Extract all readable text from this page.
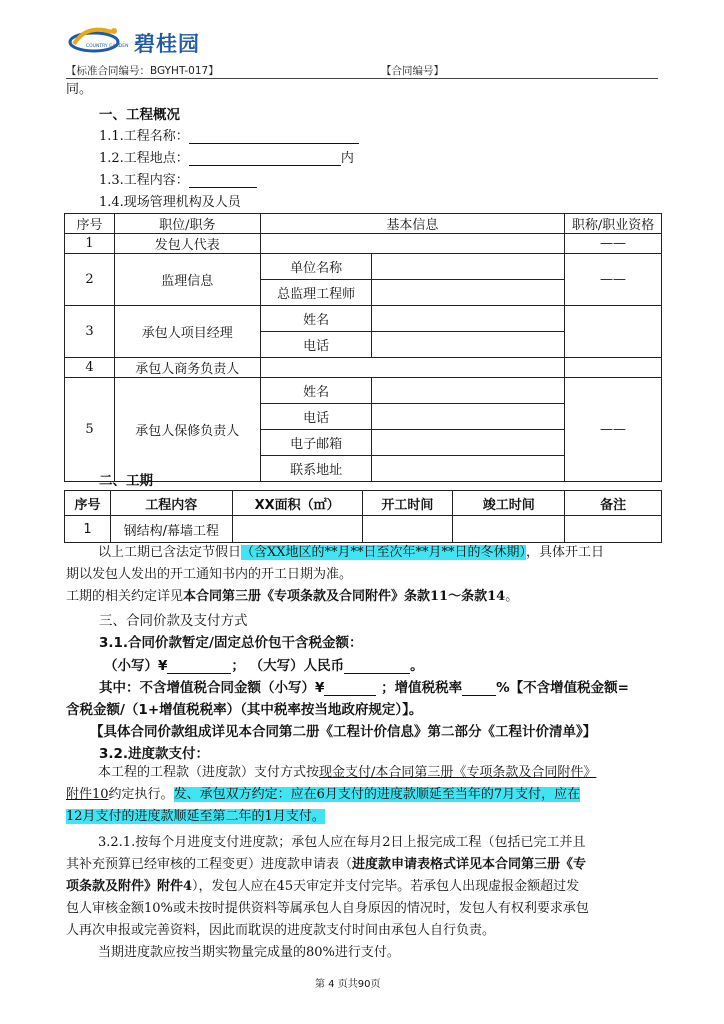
COUNTRY GARDEN 碧桂园
【标准合同编号：BGYHT-017】	【合同编号】
同。
一、工程概况
1.1.工程名称：
1.2.工程地点：	内
1.3.工程内容：
1.4.现场管理机构及人员
序号	职位/职务	基本信息		职称/职业资格
1	发包人代表			——
2	监理信息	单位名称		——
		总监理工程师		
3	承包人项目经理	姓名		
		电话		
4	承包人商务负责人			
5	承包人保修负责人	姓名		——
		电话		
		电子邮箱		
		联系地址		
二、工期
序号	工程内容	XX面积（㎡）	开工时间	竣工时间	备注
1	钢结构/幕墙工程				

以上工期已含法定节假日（含XX地区的**月**日至次年**月**日的冬休期），具体开工日

期以发包人发出的开工通知书内的开工日期为准。

工期的相关约定详见本合同第三册《专项条款及合同附件》条款11～条款14。

三、合同价款及支付方式
3.1.合同价款暂定/固定总价包干含税金额：
（小写）¥	； （大写）人民币	。
其中：不含增值税合同金额（小写）¥	；增值税税率	%【不含增值税金额=
含税金额/（1+增值税税率）（其中税率按当地政府规定）】。
【具体合同价款组成详见本合同第二册《工程计价信息》第二部分《工程计价清单》】
3.2.进度款支付：

本工程的工程款（进度款）支付方式按现金支付/本合同第三册《专项条款及合同附件》

附件10约定执行。发、承包双方约定：应在6月支付的进度款顺延至当年的7月支付，应在

12月支付的进度款顺延至第二年的1月支付。

3.2.1.按每个月进度支付进度款；承包人应在每月2日上报完成工程（包括已完工并且

其补充预算已经审核的工程变更）进度款申请表（进度款申请表格式详见本合同第三册《专

项条款及附件》附件4），发包人应在45天审定并支付完毕。若承包人出现虚报金额超过发

包人审核金额10%或未按时提供资料等属承包人自身原因的情况时，发包人有权利要求承包

人再次申报或完善资料，因此而耽误的进度款支付时间由承包人自行负责。

当期进度款应按当期实物量完成量的80%进行支付。

第 4 页共90页
